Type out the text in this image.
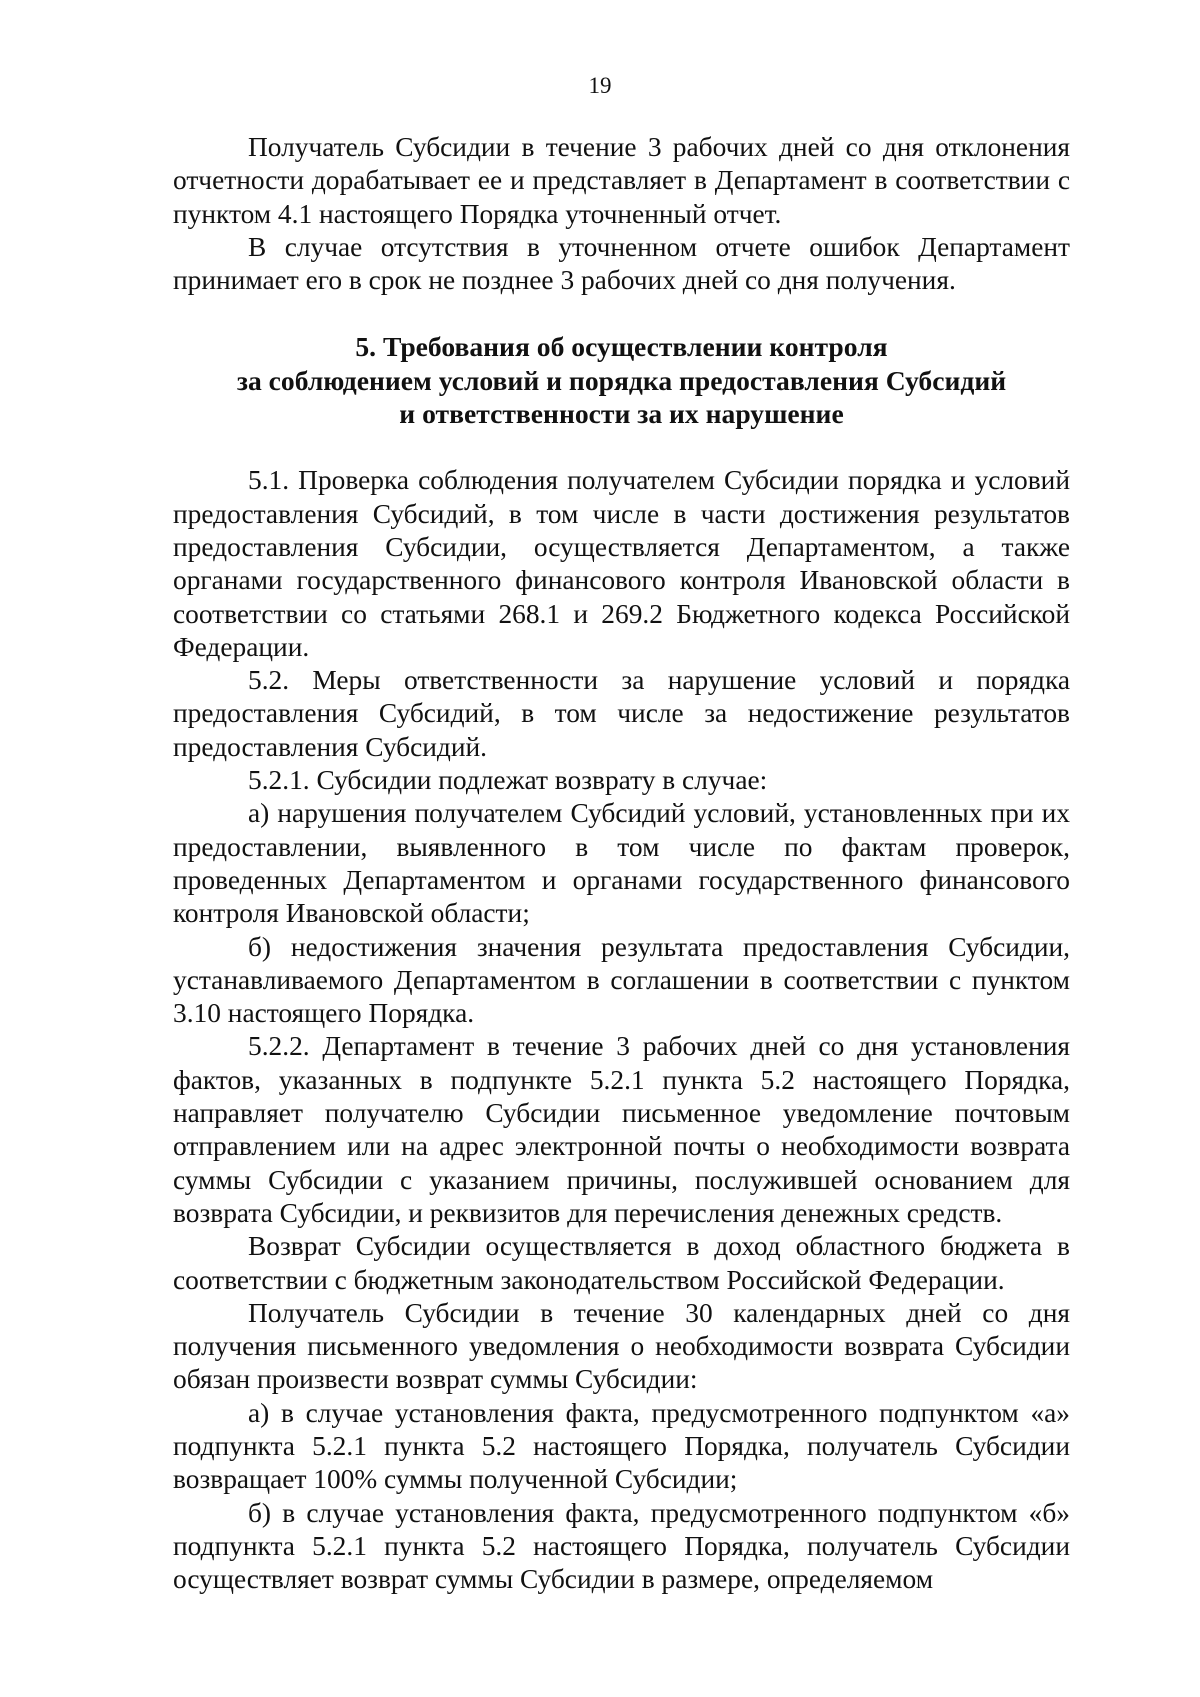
19

Получатель Субсидии в течение 3 рабочих дней со дня отклонения отчетности дорабатывает ее и представляет в Департамент в соответствии с пунктом 4.1 настоящего Порядка уточненный отчет.

В случае отсутствия в уточненном отчете ошибок Департамент принимает его в срок не позднее 3 рабочих дней со дня получения.

5. Требования об осуществлении контроля
за соблюдением условий и порядка предоставления Субсидий
и ответственности за их нарушение

5.1. Проверка соблюдения получателем Субсидии порядка и условий предоставления Субсидий, в том числе в части достижения результатов предоставления Субсидии, осуществляется Департаментом, а также органами государственного финансового контроля Ивановской области в соответствии со статьями 268.1 и 269.2 Бюджетного кодекса Российской Федерации.

5.2. Меры ответственности за нарушение условий и порядка предоставления Субсидий, в том числе за недостижение результатов предоставления Субсидий.

5.2.1. Субсидии подлежат возврату в случае:

а) нарушения получателем Субсидий условий, установленных при их предоставлении, выявленного в том числе по фактам проверок, проведенных Департаментом и органами государственного финансового контроля Ивановской области;

б) недостижения значения результата предоставления Субсидии, устанавливаемого Департаментом в соглашении в соответствии с пунктом 3.10 настоящего Порядка.

5.2.2. Департамент в течение 3 рабочих дней со дня установления фактов, указанных в подпункте 5.2.1 пункта 5.2 настоящего Порядка, направляет получателю Субсидии письменное уведомление почтовым отправлением или на адрес электронной почты о необходимости возврата суммы Субсидии с указанием причины, послужившей основанием для возврата Субсидии, и реквизитов для перечисления денежных средств.

Возврат Субсидии осуществляется в доход областного бюджета в соответствии с бюджетным законодательством Российской Федерации.

Получатель Субсидии в течение 30 календарных дней со дня получения письменного уведомления о необходимости возврата Субсидии обязан произвести возврат суммы Субсидии:

а) в случае установления факта, предусмотренного подпунктом «а» подпункта 5.2.1 пункта 5.2 настоящего Порядка, получатель Субсидии возвращает 100% суммы полученной Субсидии;

б) в случае установления факта, предусмотренного подпунктом «б» подпункта 5.2.1 пункта 5.2 настоящего Порядка, получатель Субсидии осуществляет возврат суммы Субсидии в размере, определяемом
